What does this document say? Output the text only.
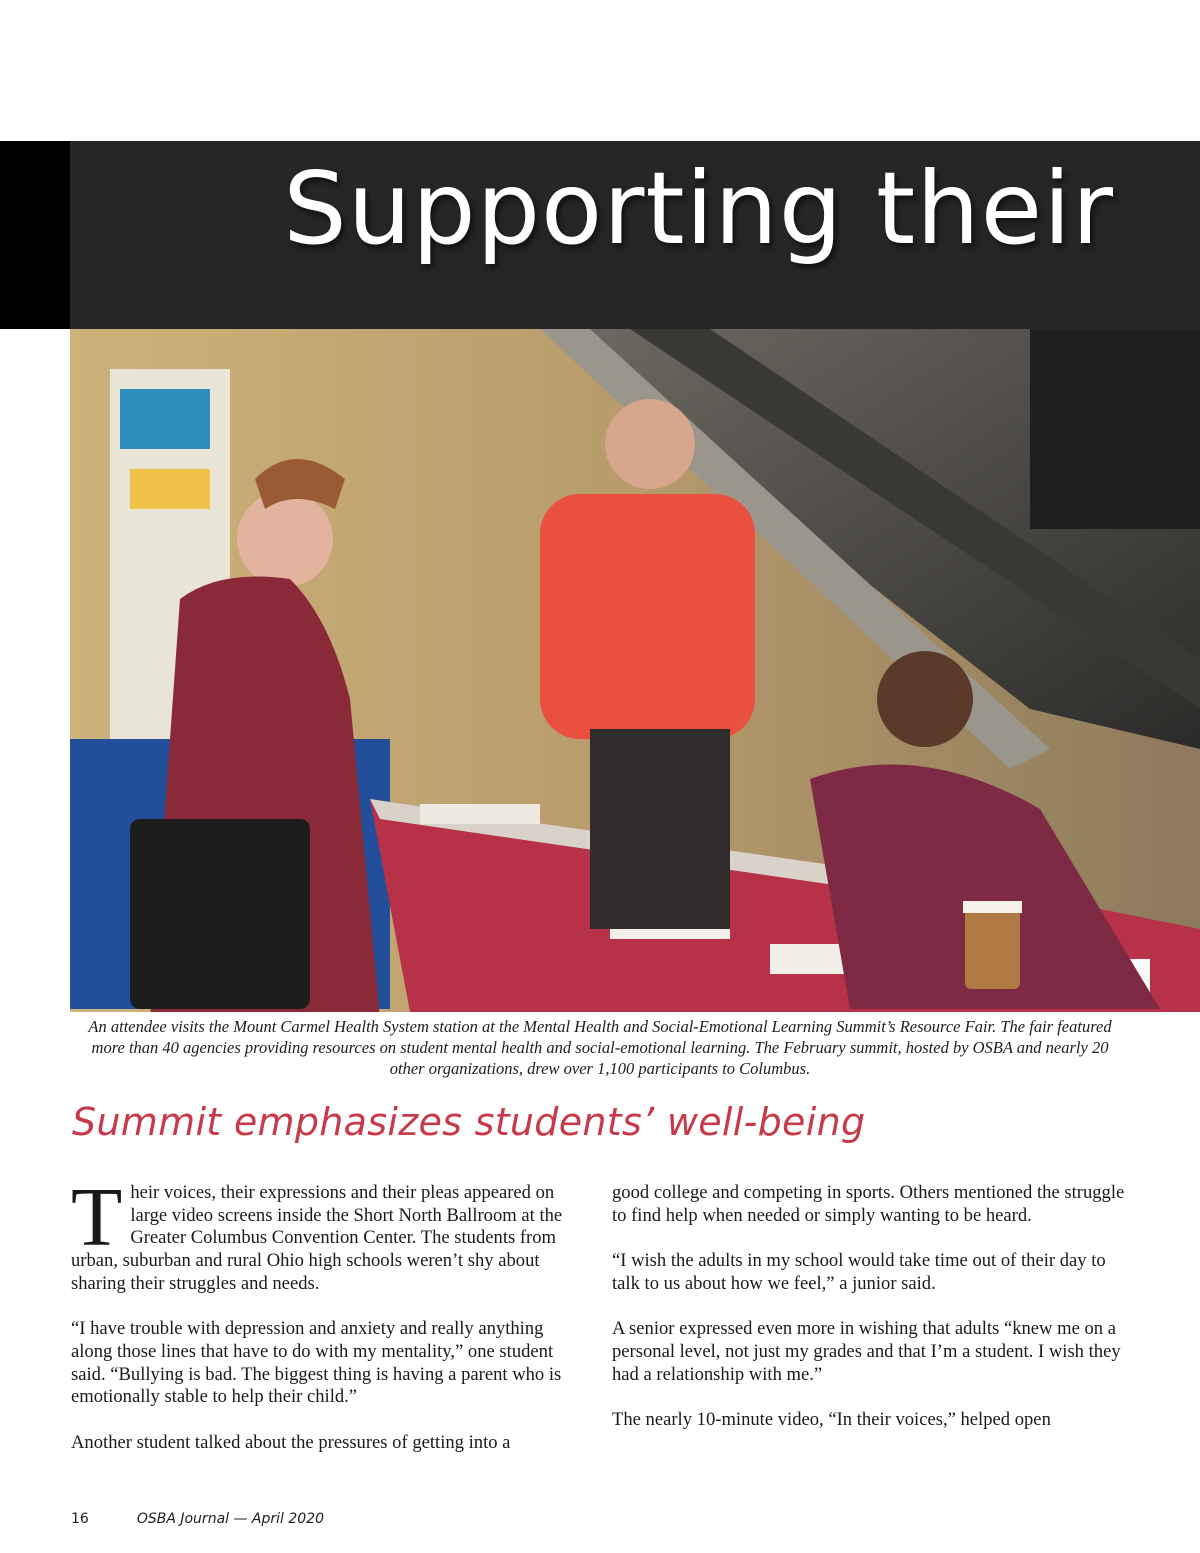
Supporting their
An attendee visits the Mount Carmel Health System station at the Mental Health and Social-Emotional Learning Summit’s Resource Fair. The fair featured more than 40 agencies providing resources on student mental health and social-emotional learning. The February summit, hosted by OSBA and nearly 20 other organizations, drew over 1,100 participants to Columbus.
Summit emphasizes students’ well-being

Their voices, their expressions and their pleas appeared on large video screens inside the Short North Ballroom at the Greater Columbus Convention Center. The students from urban, suburban and rural Ohio high schools weren’t shy about sharing their struggles and needs.

“I have trouble with depression and anxiety and really anything along those lines that have to do with my mentality,” one student said. “Bullying is bad. The biggest thing is having a parent who is emotionally stable to help their child.”

Another student talked about the pressures of getting into a

good college and competing in sports. Others mentioned the struggle to find help when needed or simply wanting to be heard.

“I wish the adults in my school would take time out of their day to talk to us about how we feel,” a junior said.

A senior expressed even more in wishing that adults “knew me on a personal level, not just my grades and that I’m a student. I wish they had a relationship with me.”

The nearly 10-minute video, “In their voices,” helped open

16	OSBA Journal — April 2020
